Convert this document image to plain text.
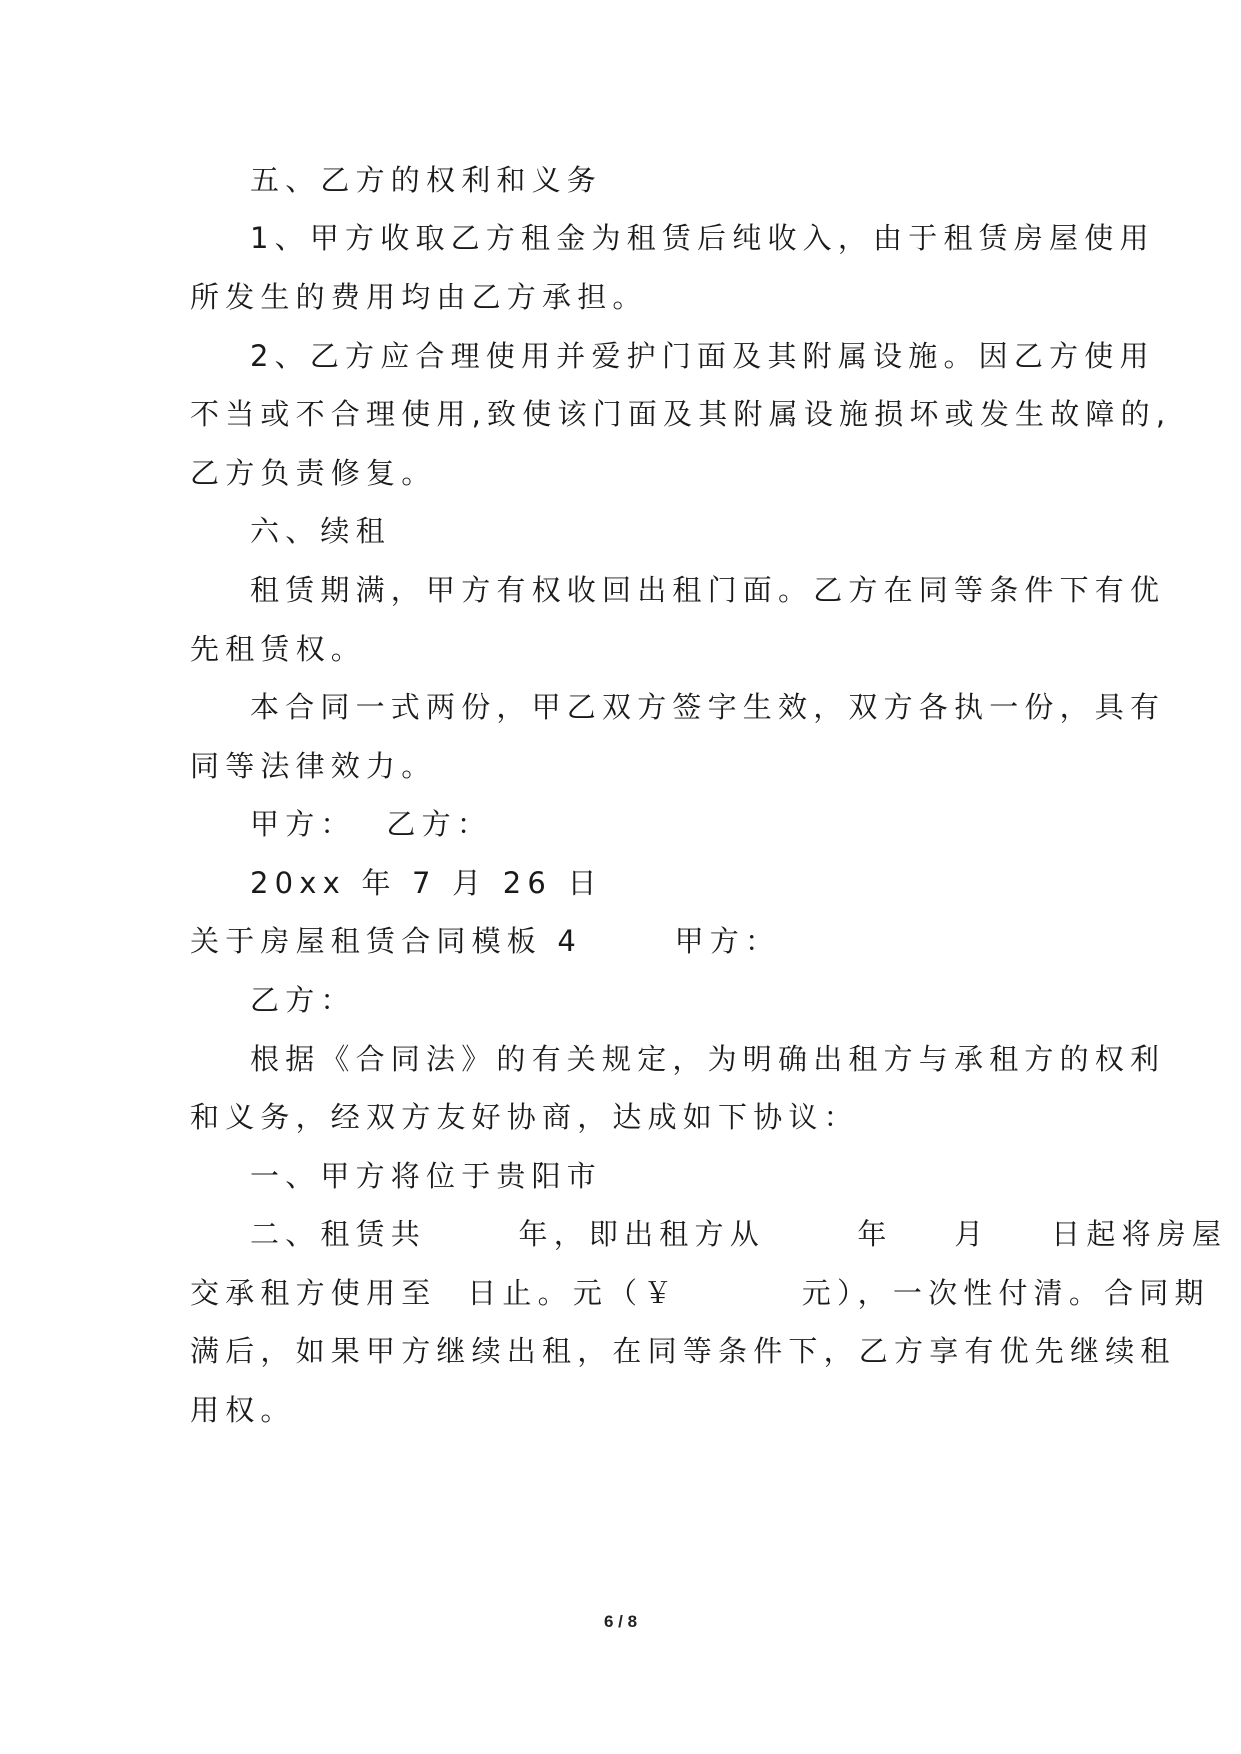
五、乙方的权利和义务
1、甲方收取乙方租金为租赁后纯收入，由于租赁房屋使用
所发生的费用均由乙方承担。
2、乙方应合理使用并爱护门面及其附属设施。因乙方使用
不当或不合理使用,致使该门面及其附属设施损坏或发生故障的,
乙方负责修复。
六、续租
租赁期满，甲方有权收回出租门面。乙方在同等条件下有优
先租赁权。
本合同一式两份，甲乙双方签字生效，双方各执一份，具有
同等法律效力。
甲方：  乙方：
20xx 年 7 月 26 日
关于房屋租赁合同模板 4      甲方：
乙方：
根据《合同法》的有关规定，为明确出租方与承租方的权利
和义务，经双方友好协商，达成如下协议：
一、甲方将位于贵阳市
二、租赁共      年，即出租方从      年    月    日起将房屋
交承租方使用至  日止。元（￥        元），一次性付清。合同期
满后，如果甲方继续出租，在同等条件下，乙方享有优先继续租
用权。
6 / 8
